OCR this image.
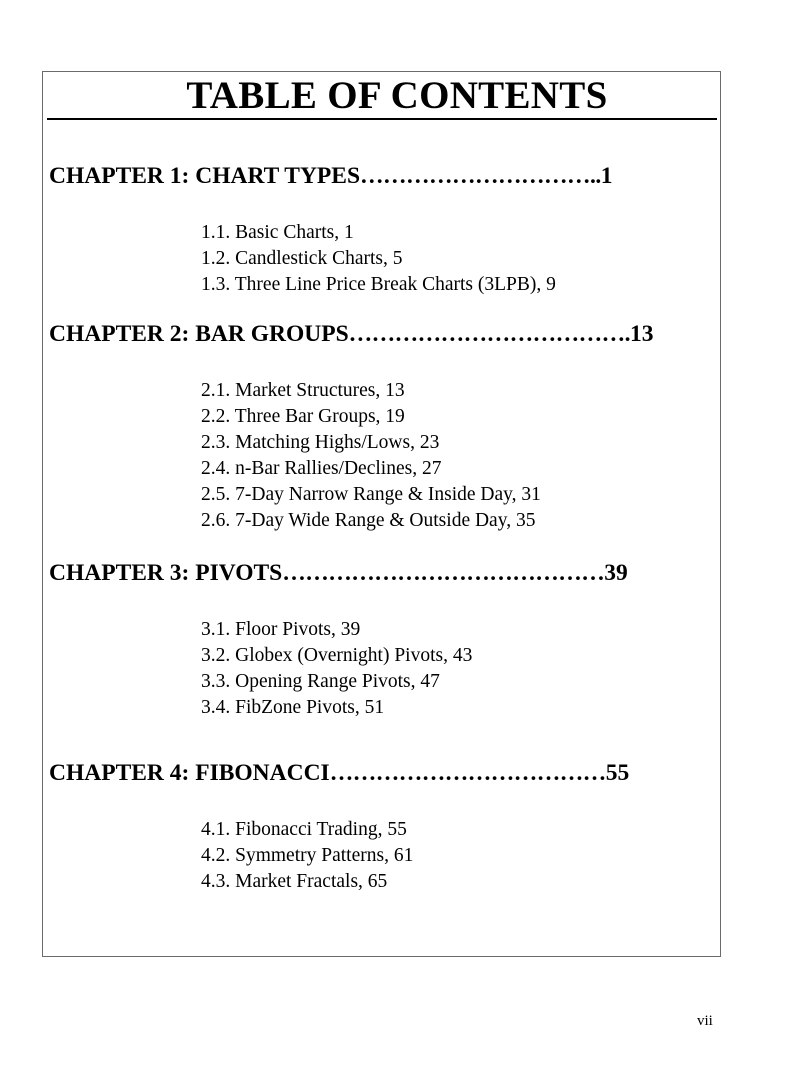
TABLE OF CONTENTS
CHAPTER 1: CHART TYPES…………………………..1
1.1. Basic Charts, 1
1.2. Candlestick Charts, 5
1.3. Three Line Price Break Charts (3LPB), 9
CHAPTER 2: BAR GROUPS……………………………….13
2.1. Market Structures, 13
2.2. Three Bar Groups, 19
2.3. Matching Highs/Lows, 23
2.4. n-Bar Rallies/Declines, 27
2.5. 7-Day Narrow Range & Inside Day, 31
2.6. 7-Day Wide Range & Outside Day, 35
CHAPTER 3: PIVOTS……………………………………39
3.1. Floor Pivots, 39
3.2. Globex (Overnight) Pivots, 43
3.3. Opening Range Pivots, 47
3.4. FibZone Pivots, 51
CHAPTER 4: FIBONACCI………………………………55
4.1. Fibonacci Trading, 55
4.2. Symmetry Patterns, 61
4.3. Market Fractals, 65
vii
